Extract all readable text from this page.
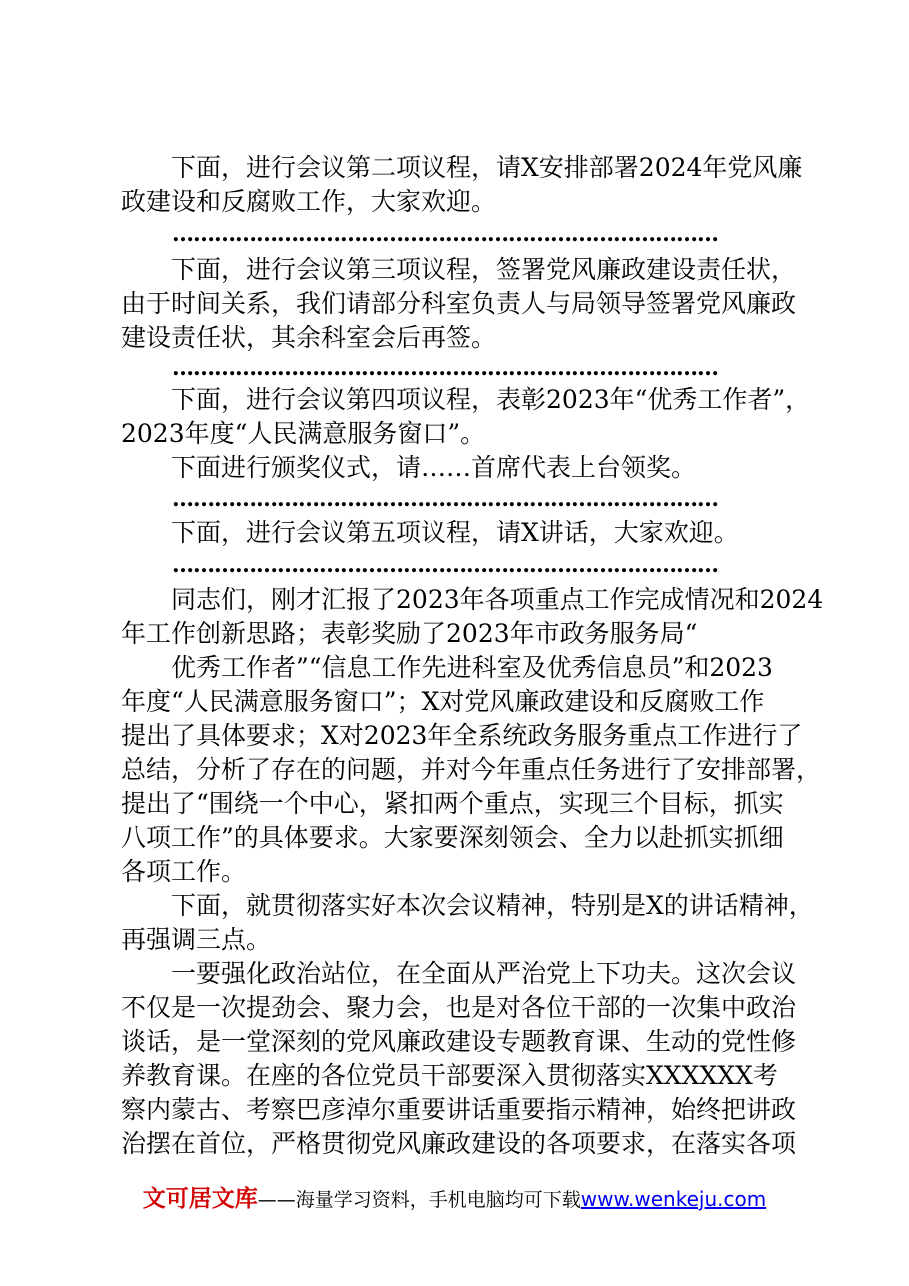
　　下面，进行会议第二项议程，请X安排部署2024年党风廉
政建设和反腐败工作，大家欢迎。
……………………………………………………………………
　　下面，进行会议第三项议程，签署党风廉政建设责任状，
由于时间关系，我们请部分科室负责人与局领导签署党风廉政
建设责任状，其余科室会后再签。
……………………………………………………………………
　　下面，进行会议第四项议程，表彰2023年“优秀工作者”，
2023年度“人民满意服务窗口”。
　　下面进行颁奖仪式，请……首席代表上台领奖。
……………………………………………………………………
　　下面，进行会议第五项议程，请X讲话，大家欢迎。
……………………………………………………………………
　　同志们，刚才汇报了2023年各项重点工作完成情况和2024
年工作创新思路；表彰奖励了2023年市政务服务局“
　　优秀工作者”“信息工作先进科室及优秀信息员”和2023
年度“人民满意服务窗口”；X对党风廉政建设和反腐败工作
提出了具体要求；X对2023年全系统政务服务重点工作进行了
总结，分析了存在的问题，并对今年重点任务进行了安排部署，
提出了“围绕一个中心，紧扣两个重点，实现三个目标，抓实
八项工作”的具体要求。大家要深刻领会、全力以赴抓实抓细
各项工作。
　　下面，就贯彻落实好本次会议精神，特别是X的讲话精神，
再强调三点。
　　一要强化政治站位，在全面从严治党上下功夫。这次会议
不仅是一次提劲会、聚力会，也是对各位干部的一次集中政治
谈话，是一堂深刻的党风廉政建设专题教育课、生动的党性修
养教育课。在座的各位党员干部要深入贯彻落实XXXXXX考
察内蒙古、考察巴彦淖尔重要讲话重要指示精神，始终把讲政
治摆在首位，严格贯彻党风廉政建设的各项要求，在落实各项
文可居文库——海量学习资料，手机电脑均可下载www.wenkeju.com
